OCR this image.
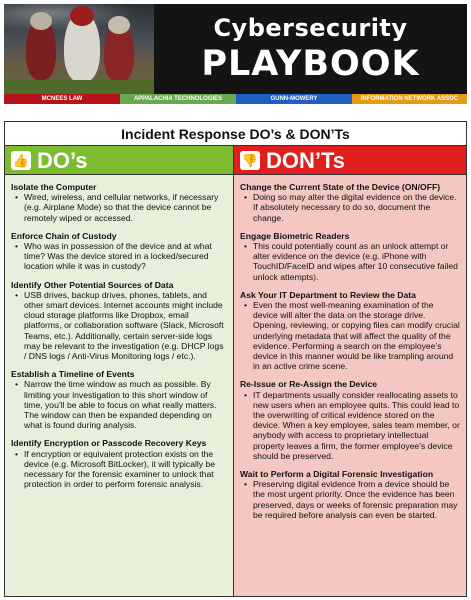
Cybersecurity
PLAYBOOK
MCNEES LAW	APPALACHIA TECHNOLOGIES	GUNN-MOWERY	INFORMATION NETWORK ASSOC
Incident Response DO’s & DON’Ts
👍 DO’s
Isolate the Computer
• Wired, wireless, and cellular networks, if necessary (e.g. Airplane Mode) so that the device cannot be remotely wiped or accessed.
Enforce Chain of Custody
• Who was in possession of the device and at what time? Was the device stored in a locked/secured location while it was in custody?
Identify Other Potential Sources of Data
• USB drives, backup drives, phones, tablets, and other smart devices. Internet accounts might include cloud storage platforms like Dropbox, email platforms, or collaboration software (Slack, Microsoft Teams, etc.). Additionally, certain server-side logs may be relevant to the investigation (e.g. DHCP logs / DNS logs / Anti-Virus Monitoring logs / etc.).
Establish a Timeline of Events
• Narrow the time window as much as possible. By limiting your investigation to this short window of time, you’ll be able to focus on what really matters. The window can then be expanded depending on what is found during analysis.
Identify Encryption or Passcode Recovery Keys
• If encryption or equivalent protection exists on the device (e.g. Microsoft BitLocker), it will typically be necessary for the forensic examiner to unlock that protection in order to perform forensic analysis.
👎 DON’Ts
Change the Current State of the Device (ON/OFF)
• Doing so may alter the digital evidence on the device. If absolutely necessary to do so, document the change.
Engage Biometric Readers
• This could potentially count as an unlock attempt or alter evidence on the device (e.g. iPhone with TouchID/FaceID and wipes after 10 consecutive failed unlock attempts).
Ask Your IT Department to Review the Data
• Even the most well-meaning examination of the device will alter the data on the storage drive. Opening, reviewing, or copying files can modify crucial underlying metadata that will affect the quality of the evidence. Performing a search on the employee’s device in this manner would be like trampling around in an active crime scene.
Re-Issue or Re-Assign the Device
• IT departments usually consider reallocating assets to new users when an employee quits. This could lead to the overwriting of critical evidence stored on the device. When a key employee, sales team member, or anybody with access to proprietary intellectual property leaves a firm, the former employee’s device should be preserved.
Wait to Perform a Digital Forensic Investigation
• Preserving digital evidence from a device should be the most urgent priority. Once the evidence has been preserved, days or weeks of forensic preparation may be required before analysis can even be started.
